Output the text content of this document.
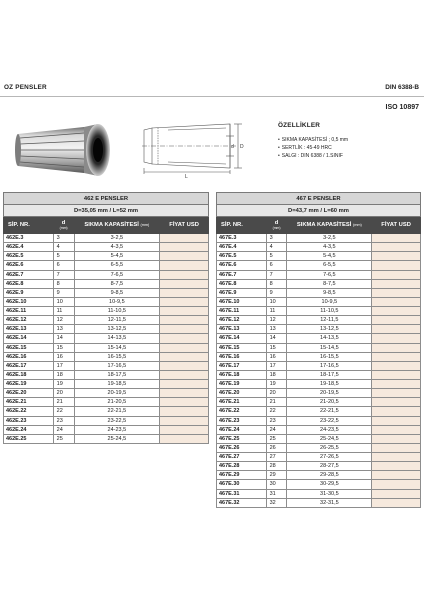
OZ PENSLER	DIN 6388-B
ISO 10897
d D
L
ÖZELLİKLER
• SIKMA KAPASİTESİ ; 0,5 mm
• SERTLİK : 45-49 HRC
• SALGI : DIN 6388 / 1.SINIF
462 E PENSLER			
D=35,05 mm / L=52 mm			
SİP. NR.	d
(mm)	SIKMA KAPASİTESİ (mm)	FİYAT USD
462E.3	3	3-2,5	
462E.4	4	4-3,5	
462E.5	5	5-4,5	
462E.6	6	6-5,5	
462E.7	7	7-6,5	
462E.8	8	8-7,5	
462E.9	9	9-8,5	
462E.10	10	10-9,5	
462E.11	11	11-10,5	
462E.12	12	12-11,5	
462E.13	13	13-12,5	
462E.14	14	14-13,5	
462E.15	15	15-14,5	
462E.16	16	16-15,5	
462E.17	17	17-16,5	
462E.18	18	18-17,5	
462E.19	19	19-18,5	
462E.20	20	20-19,5	
462E.21	21	21-20,5	
462E.22	22	22-21,5	
462E.23	23	23-22,5	
462E.24	24	24-23,5	
462E.25	25	25-24,5	
467 E PENSLER			
D=43,7 mm / L=60 mm			
SİP. NR.	d
(mm)	SIKMA KAPASİTESİ (mm)	FİYAT USD
467E.3	3	3-2,5	
467E.4	4	4-3,5	
467E.5	5	5-4,5	
467E.6	6	6-5,5	
467E.7	7	7-6,5	
467E.8	8	8-7,5	
467E.9	9	9-8,5	
467E.10	10	10-9,5	
467E.11	11	11-10,5	
467E.12	12	12-11,5	
467E.13	13	13-12,5	
467E.14	14	14-13,5	
467E.15	15	15-14,5	
467E.16	16	16-15,5	
467E.17	17	17-16,5	
467E.18	18	18-17,5	
467E.19	19	19-18,5	
467E.20	20	20-19,5	
467E.21	21	21-20,5	
467E.22	22	22-21,5	
467E.23	23	23-22,5	
467E.24	24	24-23,5	
467E.25	25	25-24,5	
467E.26	26	26-25,5	
467E.27	27	27-26,5	
467E.28	28	28-27,5	
467E.29	29	29-28,5	
467E.30	30	30-29,5	
467E.31	31	31-30,5	
467E.32	32	32-31,5	
